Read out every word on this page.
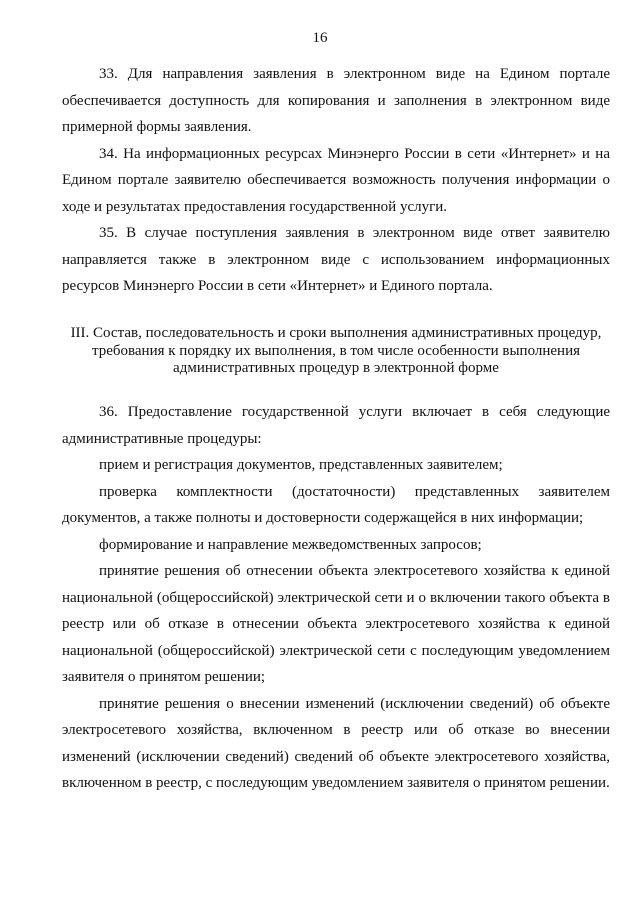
16

33. Для направления заявления в электронном виде на Едином портале обеспечивается доступность для копирования и заполнения в электронном виде примерной формы заявления.

34. На информационных ресурсах Минэнерго России в сети «Интернет» и на Едином портале заявителю обеспечивается возможность получения информации о ходе и результатах предоставления государственной услуги.

35. В случае поступления заявления в электронном виде ответ заявителю направляется также в электронном виде с использованием информационных ресурсов Минэнерго России в сети «Интернет» и Единого портала.

III. Состав, последовательность и сроки выполнения административных процедур,

требования к порядку их выполнения, в том числе особенности выполнения

административных процедур в электронной форме

36. Предоставление государственной услуги включает в себя следующие административные процедуры:

прием и регистрация документов, представленных заявителем;

проверка комплектности (достаточности) представленных заявителем документов, а также полноты и достоверности содержащейся в них информации;

формирование и направление межведомственных запросов;

принятие решения об отнесении объекта электросетевого хозяйства к единой национальной (общероссийской) электрической сети и о включении такого объекта в реестр или об отказе в отнесении объекта электросетевого хозяйства к единой национальной (общероссийской) электрической сети с последующим уведомлением заявителя о принятом решении;

принятие решения о внесении изменений (исключении сведений) об объекте электросетевого хозяйства, включенном в реестр или об отказе во внесении изменений (исключении сведений) сведений об объекте электросетевого хозяйства, включенном в реестр, с последующим уведомлением заявителя о принятом решении.
